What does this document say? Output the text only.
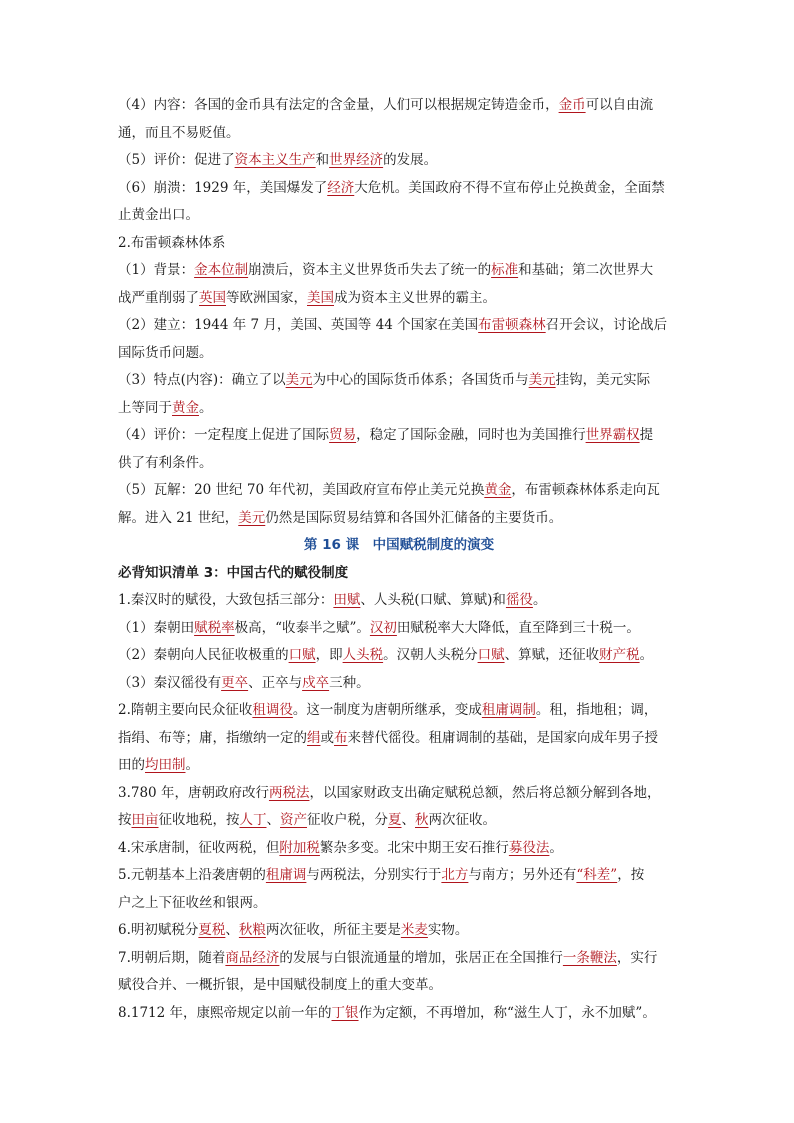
（4）内容：各国的金币具有法定的含金量，人们可以根据规定铸造金币，金币可以自由流

通，而且不易贬值。

（5）评价：促进了资本主义生产和世界经济的发展。

（6）崩溃：1929 年，美国爆发了经济大危机。美国政府不得不宣布停止兑换黄金，全面禁

止黄金出口。

2.布雷顿森林体系

（1）背景：金本位制崩溃后，资本主义世界货币失去了统一的标准和基础；第二次世界大

战严重削弱了英国等欧洲国家，美国成为资本主义世界的霸主。

（2）建立：1944 年 7 月，美国、英国等 44 个国家在美国布雷顿森林召开会议，讨论战后

国际货币问题。

（3）特点(内容)：确立了以美元为中心的国际货币体系；各国货币与美元挂钩，美元实际

上等同于黄金。

（4）评价：一定程度上促进了国际贸易，稳定了国际金融，同时也为美国推行世界霸权提

供了有利条件。

（5）瓦解：20 世纪 70 年代初，美国政府宣布停止美元兑换黄金，布雷顿森林体系走向瓦

解。进入 21 世纪，美元仍然是国际贸易结算和各国外汇储备的主要货币。

第 16 课　中国赋税制度的演变

必背知识清单 3：中国古代的赋役制度

1.秦汉时的赋役，大致包括三部分：田赋、人头税(口赋、算赋)和徭役。

（1）秦朝田赋税率极高，“收泰半之赋”。汉初田赋税率大大降低，直至降到三十税一。

（2）秦朝向人民征收极重的口赋，即人头税。汉朝人头税分口赋、算赋，还征收财产税。

（3）秦汉徭役有更卒、正卒与戍卒三种。

2.隋朝主要向民众征收租调役。这一制度为唐朝所继承，变成租庸调制。租，指地租；调，

指绢、布等；庸，指缴纳一定的绢或布来替代徭役。租庸调制的基础，是国家向成年男子授

田的均田制。

3.780 年，唐朝政府改行两税法，以国家财政支出确定赋税总额，然后将总额分解到各地，

按田亩征收地税，按人丁、资产征收户税，分夏、秋两次征收。

4.宋承唐制，征收两税，但附加税繁杂多变。北宋中期王安石推行募役法。

5.元朝基本上沿袭唐朝的租庸调与两税法，分别实行于北方与南方；另外还有“科差”，按

户之上下征收丝和银两。

6.明初赋税分夏税、秋粮两次征收，所征主要是米麦实物。

7.明朝后期，随着商品经济的发展与白银流通量的增加，张居正在全国推行一条鞭法，实行

赋役合并、一概折银，是中国赋役制度上的重大变革。

8.1712 年，康熙帝规定以前一年的丁银作为定额，不再增加，称“滋生人丁，永不加赋”。
